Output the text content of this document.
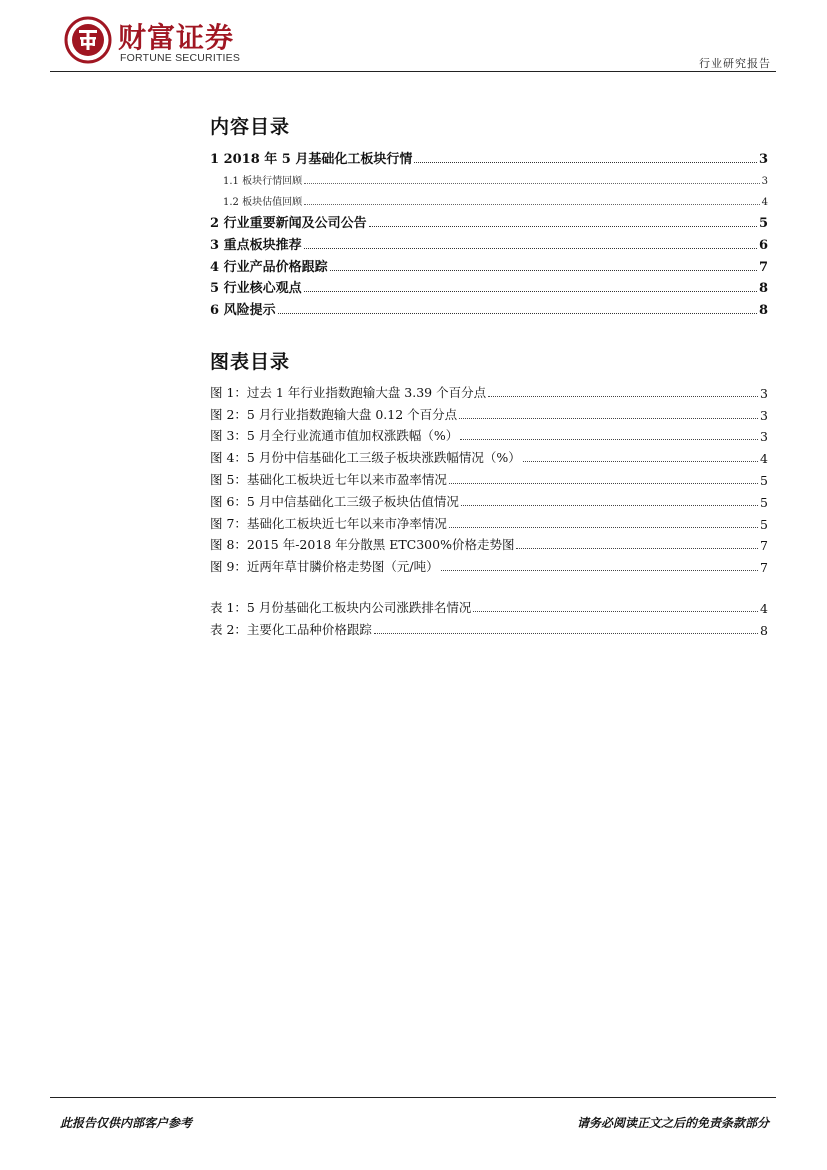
财富证券
FORTUNE SECURITIES	行业研究报告
内容目录
1 2018 年 5 月基础化工板块行情	3
1.1 板块行情回顾	3
1.2 板块估值回顾	4
2 行业重要新闻及公司公告	5
3 重点板块推荐	6
4 行业产品价格跟踪	7
5 行业核心观点	8
6 风险提示	8
图表目录
图 1：过去 1 年行业指数跑输大盘 3.39 个百分点	3
图 2：5 月行业指数跑输大盘 0.12 个百分点	3
图 3：5 月全行业流通市值加权涨跌幅（%）	3
图 4：5 月份中信基础化工三级子板块涨跌幅情况（%）	4
图 5：基础化工板块近七年以来市盈率情况	5
图 6：5 月中信基础化工三级子板块估值情况	5
图 7：基础化工板块近七年以来市净率情况	5
图 8：2015 年-2018 年分散黑 ETC300%价格走势图	7
图 9：近两年草甘膦价格走势图（元/吨）	7
表 1：5 月份基础化工板块内公司涨跌排名情况	4
表 2：主要化工品种价格跟踪	8
此报告仅供内部客户参考	请务必阅读正文之后的免责条款部分
